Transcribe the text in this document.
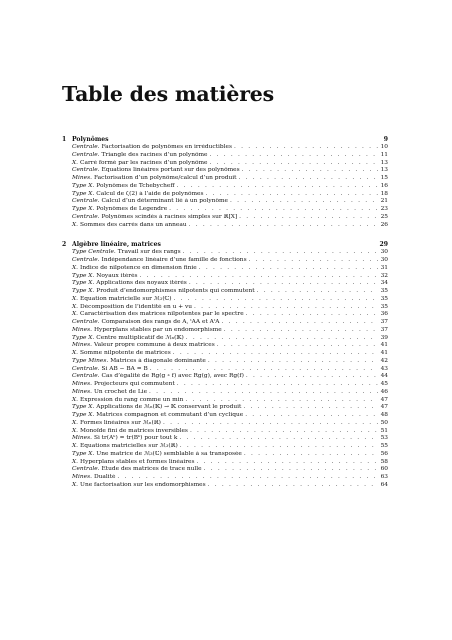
Table des matières
1 Polynômes	9
Centrale. Factorisation de polynômes en irréductibles . . .	10
Centrale. Triangle des racines d’un polynôme . . .	11
X. Carré formé par les racines d’un polynôme . . .	13
Centrale. Équations linéaires portant sur des polynômes . . .	13
Mines. Factorisation d’un polynôme/calcul d’un produit . . .	15
Type X. Polynômes de Tchebycheff . . .	16
Type X. Calcul de ζ(2) à l’aide de polynômes . . .	18
Centrale. Calcul d’un déterminant lié à un polynôme . . .	21
Type X. Polynômes de Legendre . . .	23
Centrale. Polynômes scindés à racines simples sur ℝ[X] . . .	25
X. Sommes des carrés dans un anneau . . .	26
2 Algèbre linéaire, matrices	29
Type Centrale. Travail sur des rangs . . .	30
Centrale. Indépendance linéaire d’une famille de fonctions . . .	30
X. Indice de nilpotence en dimension finie . . .	31
Type X. Noyaux itérés . . .	32
Type X. Applications des noyaux itérés . . .	34
Type X. Produit d’endomorphismes nilpotents qui commutent . . .	35
X. Équation matricielle sur ℳ₂(ℂ) . . .	35
X. Décomposition de l’identité en u + vu . . .	35
X. Caractérisation des matrices nilpotentes par le spectre . . .	36
Centrale. Comparaison des rangs de A, ᵗAA et AᵗA . . .	37
Mines. Hyperplans stables par un endomorphisme . . .	37
Type X. Centre multiplicatif de ℳₙ(𝕂) . . .	39
Mines. Valeur propre commune à deux matrices . . .	41
X. Somme nilpotente de matrices . . .	41
Type Mines. Matrices à diagonale dominante . . .	42
Centrale. Si AB − BA = B . . .	43
Centrale. Cas d’égalité de Rg(g ∘ f) avec Rg(g), avec Rg(f) . . .	44
Mines. Projecteurs qui commutent . . .	45
Mines. Un crochet de Lie . . .	46
X. Expression du rang comme un min . . .	47
Type X. Applications de ℳₙ(𝕂) → 𝕂 conservant le produit . . .	47
Type X. Matrices compagnon et commutant d’un cyclique . . .	48
X. Formes linéaires sur ℳₙ(ℝ) . . .	50
X. Monoïde fini de matrices inversibles . . .	51
Mines. Si tr(Aᵏ) = tr(Bᵏ) pour tout k . . .	53
X. Équations matricielles sur ℳ₃(ℝ) . . .	55
Type X. Une matrice de ℳ₃(ℂ) semblable à sa transposée . . .	56
X. Hyperplans stables et formes linéaires . . .	58
Centrale. Étude des matrices de trace nulle . . .	60
Mines. Dualité . . .	63
X. Une factorisation sur les endomorphismes . . .	64
